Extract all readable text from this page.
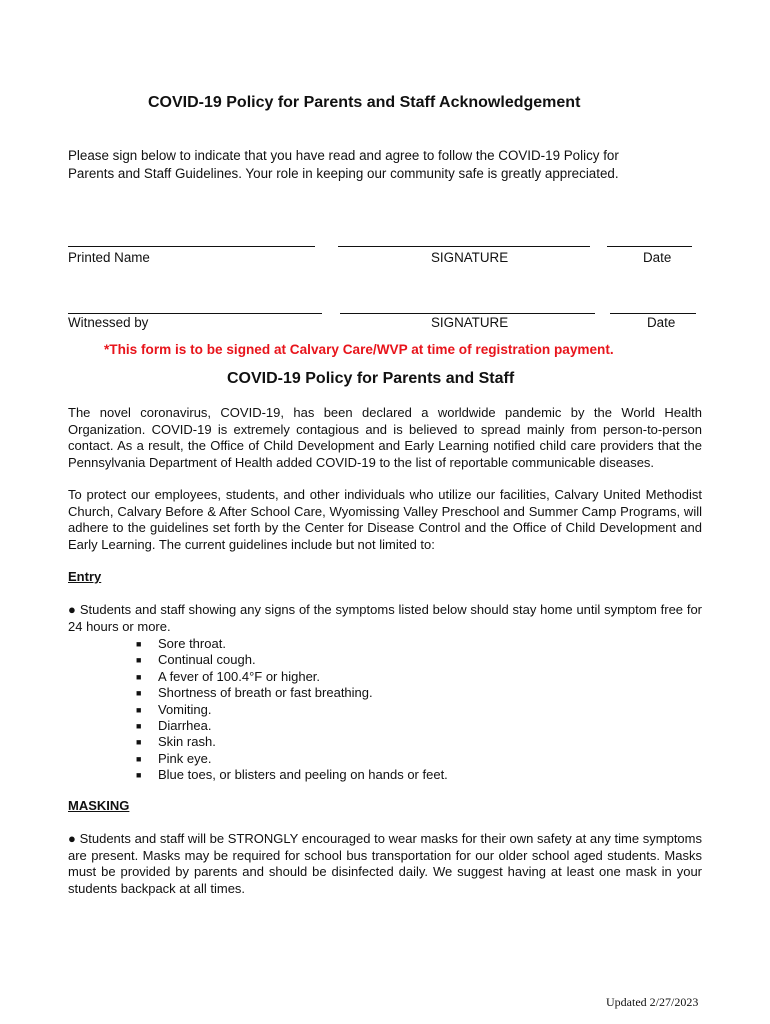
COVID-19 Policy for Parents and Staff Acknowledgement
Please sign below to indicate that you have read and agree to follow the COVID-19 Policy for
Parents and Staff Guidelines. Your role in keeping our community safe is greatly appreciated.
Printed Name	SIGNATURE	Date
Witnessed by	SIGNATURE	Date
*This form is to be signed at Calvary Care/WVP at time of registration payment.
COVID-19 Policy for Parents and Staff
The novel coronavirus, COVID-19, has been declared a worldwide pandemic by the World Health Organization. COVID-19 is extremely contagious and is believed to spread mainly from person-to-person contact. As a result, the Office of Child Development and Early Learning notified child care providers that the Pennsylvania Department of Health added COVID-19 to the list of reportable communicable diseases.
To protect our employees, students, and other individuals who utilize our facilities, Calvary United Methodist Church, Calvary Before & After School Care, Wyomissing Valley Preschool and Summer Camp Programs, will adhere to the guidelines set forth by the Center for Disease Control and the Office of Child Development and Early Learning. The current guidelines include but not limited to:
Entry
● Students and staff showing any signs of the symptoms listed below should stay home until symptom free for 24 hours or more.
■ Sore throat.
■ Continual cough.
■ A fever of 100.4°F or higher.
■ Shortness of breath or fast breathing.
■ Vomiting.
■ Diarrhea.
■ Skin rash.
■ Pink eye.
■ Blue toes, or blisters and peeling on hands or feet.
MASKING
● Students and staff will be STRONGLY encouraged to wear masks for their own safety at any time symptoms are present. Masks may be required for school bus transportation for our older school aged students. Masks must be provided by parents and should be disinfected daily. We suggest having at least one mask in your students backpack at all times.
Updated 2/27/2023
